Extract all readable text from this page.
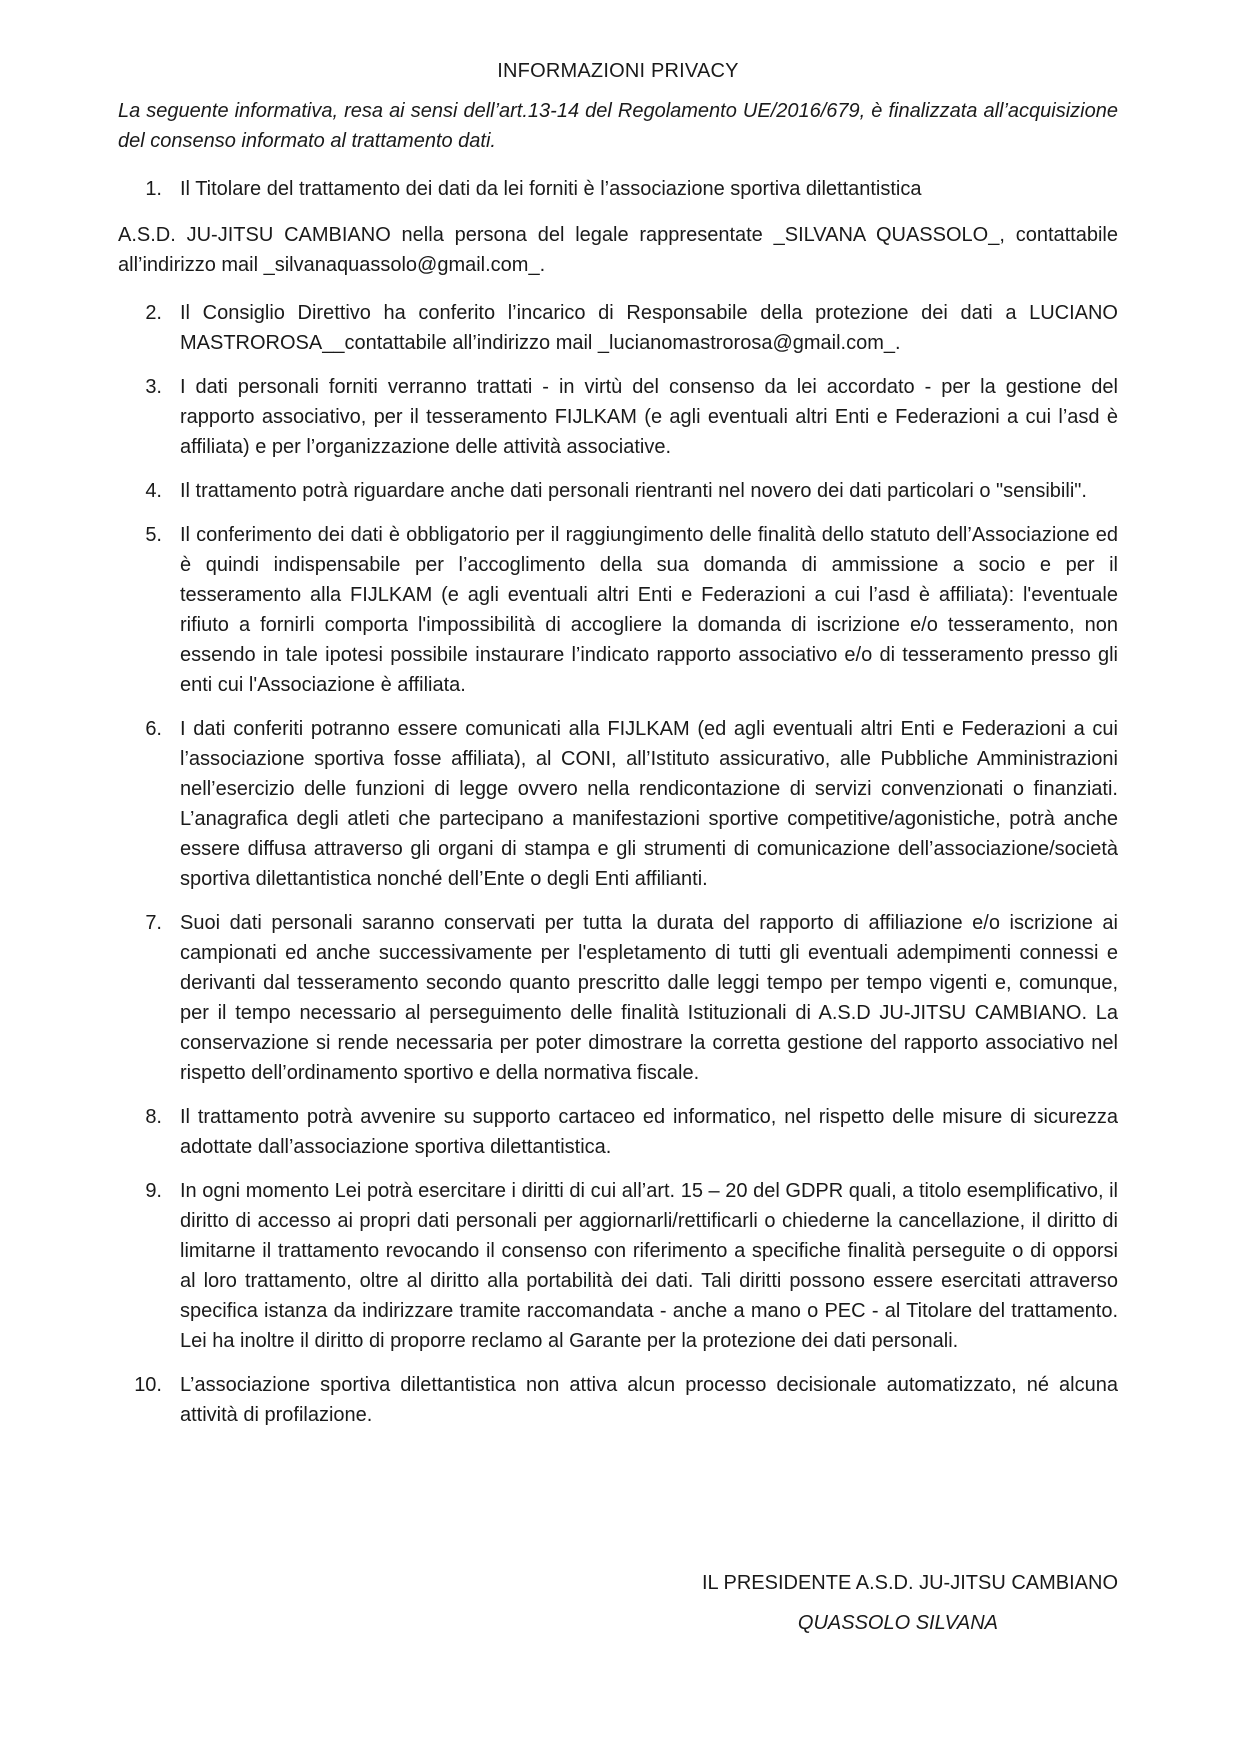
INFORMAZIONI PRIVACY
La seguente informativa, resa ai sensi dell’art.13-14 del Regolamento UE/2016/679, è finalizzata all’acquisizione del consenso informato al trattamento dati.
1. Il Titolare del trattamento dei dati da lei forniti è l’associazione sportiva dilettantistica
A.S.D. JU-JITSU CAMBIANO nella persona del legale rappresentate _SILVANA QUASSOLO_, contattabile all’indirizzo mail _silvanaquassolo@gmail.com_.
2. Il Consiglio Direttivo ha conferito l’incarico di Responsabile della protezione dei dati a LUCIANO MASTROROSA__contattabile all’indirizzo mail _lucianomastrorosa@gmail.com_.
3. I dati personali forniti verranno trattati - in virtù del consenso da lei accordato - per la gestione del rapporto associativo, per il tesseramento FIJLKAM (e agli eventuali altri Enti e Federazioni a cui l’asd è affiliata) e per l’organizzazione delle attività associative.
4. Il trattamento potrà riguardare anche dati personali rientranti nel novero dei dati particolari o "sensibili".
5. Il conferimento dei dati è obbligatorio per il raggiungimento delle finalità dello statuto dell’Associazione ed è quindi indispensabile per l’accoglimento della sua domanda di ammissione a socio e per il tesseramento alla FIJLKAM (e agli eventuali altri Enti e Federazioni a cui l’asd è affiliata): l'eventuale rifiuto a fornirli comporta l'impossibilità di accogliere la domanda di iscrizione e/o tesseramento, non essendo in tale ipotesi possibile instaurare l’indicato rapporto associativo e/o di tesseramento presso gli enti cui l'Associazione è affiliata.
6. I dati conferiti potranno essere comunicati alla FIJLKAM (ed agli eventuali altri Enti e Federazioni a cui l’associazione sportiva fosse affiliata), al CONI, all’Istituto assicurativo, alle Pubbliche Amministrazioni nell’esercizio delle funzioni di legge ovvero nella rendicontazione di servizi convenzionati o finanziati. L’anagrafica degli atleti che partecipano a manifestazioni sportive competitive/agonistiche, potrà anche essere diffusa attraverso gli organi di stampa e gli strumenti di comunicazione dell’associazione/società sportiva dilettantistica nonché dell’Ente o degli Enti affilianti.
7. Suoi dati personali saranno conservati per tutta la durata del rapporto di affiliazione e/o iscrizione ai campionati ed anche successivamente per l'espletamento di tutti gli eventuali adempimenti connessi e derivanti dal tesseramento secondo quanto prescritto dalle leggi tempo per tempo vigenti e, comunque, per il tempo necessario al perseguimento delle finalità Istituzionali di A.S.D JU-JITSU CAMBIANO. La conservazione si rende necessaria per poter dimostrare la corretta gestione del rapporto associativo nel rispetto dell’ordinamento sportivo e della normativa fiscale.
8. Il trattamento potrà avvenire su supporto cartaceo ed informatico, nel rispetto delle misure di sicurezza adottate dall’associazione sportiva dilettantistica.
9. In ogni momento Lei potrà esercitare i diritti di cui all’art. 15 – 20 del GDPR quali, a titolo esemplificativo, il diritto di accesso ai propri dati personali per aggiornarli/rettificarli o chiederne la cancellazione, il diritto di limitarne il trattamento revocando il consenso con riferimento a specifiche finalità perseguite o di opporsi al loro trattamento, oltre al diritto alla portabilità dei dati. Tali diritti possono essere esercitati attraverso specifica istanza da indirizzare tramite raccomandata - anche a mano o PEC - al Titolare del trattamento. Lei ha inoltre il diritto di proporre reclamo al Garante per la protezione dei dati personali.
10. L’associazione sportiva dilettantistica non attiva alcun processo decisionale automatizzato, né alcuna attività di profilazione.
IL PRESIDENTE A.S.D. JU-JITSU CAMBIANO
QUASSOLO SILVANA
